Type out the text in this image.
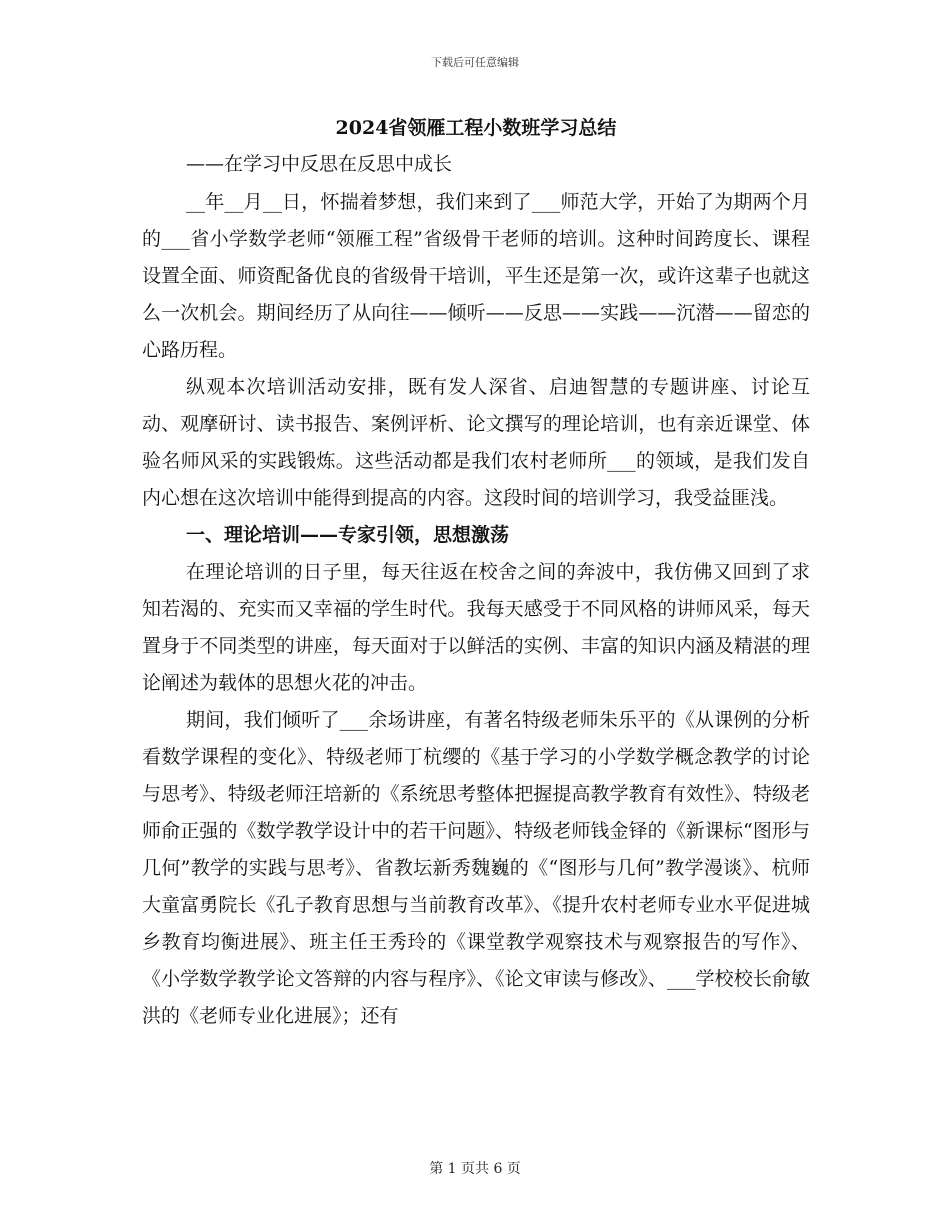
下载后可任意编辑
2024省领雁工程小数班学习总结
——在学习中反思在反思中成长

__年__月__日，怀揣着梦想，我们来到了___师范大学，开始了为期两个月的___省小学数学老师“领雁工程”省级骨干老师的培训。这种时间跨度长、课程设置全面、师资配备优良的省级骨干培训，平生还是第一次，或许这辈子也就这么一次机会。期间经历了从向往——倾听——反思——实践——沉潜——留恋的心路历程。

纵观本次培训活动安排，既有发人深省、启迪智慧的专题讲座、讨论互动、观摩研讨、读书报告、案例评析、论文撰写的理论培训，也有亲近课堂、体验名师风采的实践锻炼。这些活动都是我们农村老师所___的领域，是我们发自内心想在这次培训中能得到提高的内容。这段时间的培训学习，我受益匪浅。

一、理论培训——专家引领，思想激荡

在理论培训的日子里，每天往返在校舍之间的奔波中，我仿佛又回到了求知若渴的、充实而又幸福的学生时代。我每天感受于不同风格的讲师风采，每天置身于不同类型的讲座，每天面对于以鲜活的实例、丰富的知识内涵及精湛的理论阐述为载体的思想火花的冲击。

期间，我们倾听了___余场讲座，有著名特级老师朱乐平的《从课例的分析看数学课程的变化》、特级老师丁杭缨的《基于学习的小学数学概念教学的讨论与思考》、特级老师汪培新的《系统思考整体把握提高教学教育有效性》、特级老师俞正强的《数学教学设计中的若干问题》、特级老师钱金铎的《新课标“图形与几何”教学的实践与思考》、省教坛新秀魏巍的《“图形与几何”教学漫谈》、杭师大童富勇院长《孔子教育思想与当前教育改革》、《提升农村老师专业水平促进城乡教育均衡进展》、班主任王秀玲的《课堂教学观察技术与观察报告的写作》、《小学数学教学论文答辩的内容与程序》、《论文审读与修改》、___学校校长俞敏洪的《老师专业化进展》；还有

第 1 页共 6 页
